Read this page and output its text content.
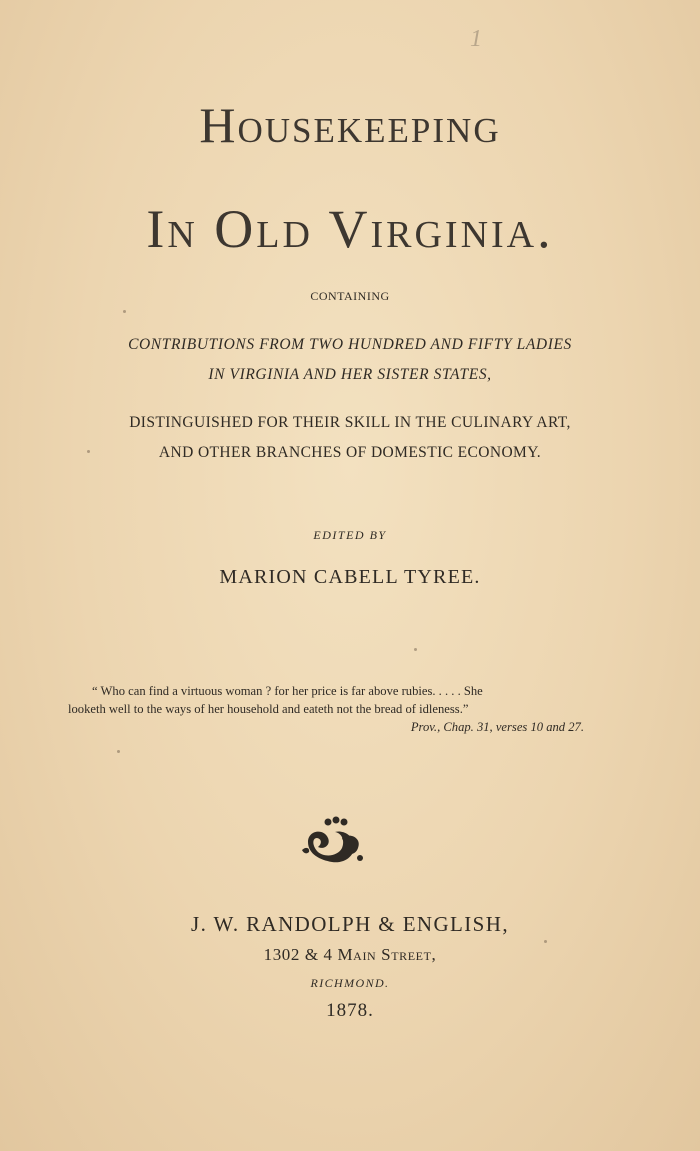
1
Housekeeping
In Old Virginia.
CONTAINING
CONTRIBUTIONS FROM TWO HUNDRED AND FIFTY LADIES
IN VIRGINIA AND HER SISTER STATES,
DISTINGUISHED FOR THEIR SKILL IN THE CULINARY ART,
AND OTHER BRANCHES OF DOMESTIC ECONOMY.
EDITED BY
MARION CABELL TYREE.
“ Who can find a virtuous woman ? for her price is far above rubies. . . . . She
looketh well to the ways of her household and eateth not the bread of idleness.”
Prov., Chap. 31, verses 10 and 27.
J. W. RANDOLPH & ENGLISH,
1302 & 4 Main Street,
RICHMOND.
1878.
